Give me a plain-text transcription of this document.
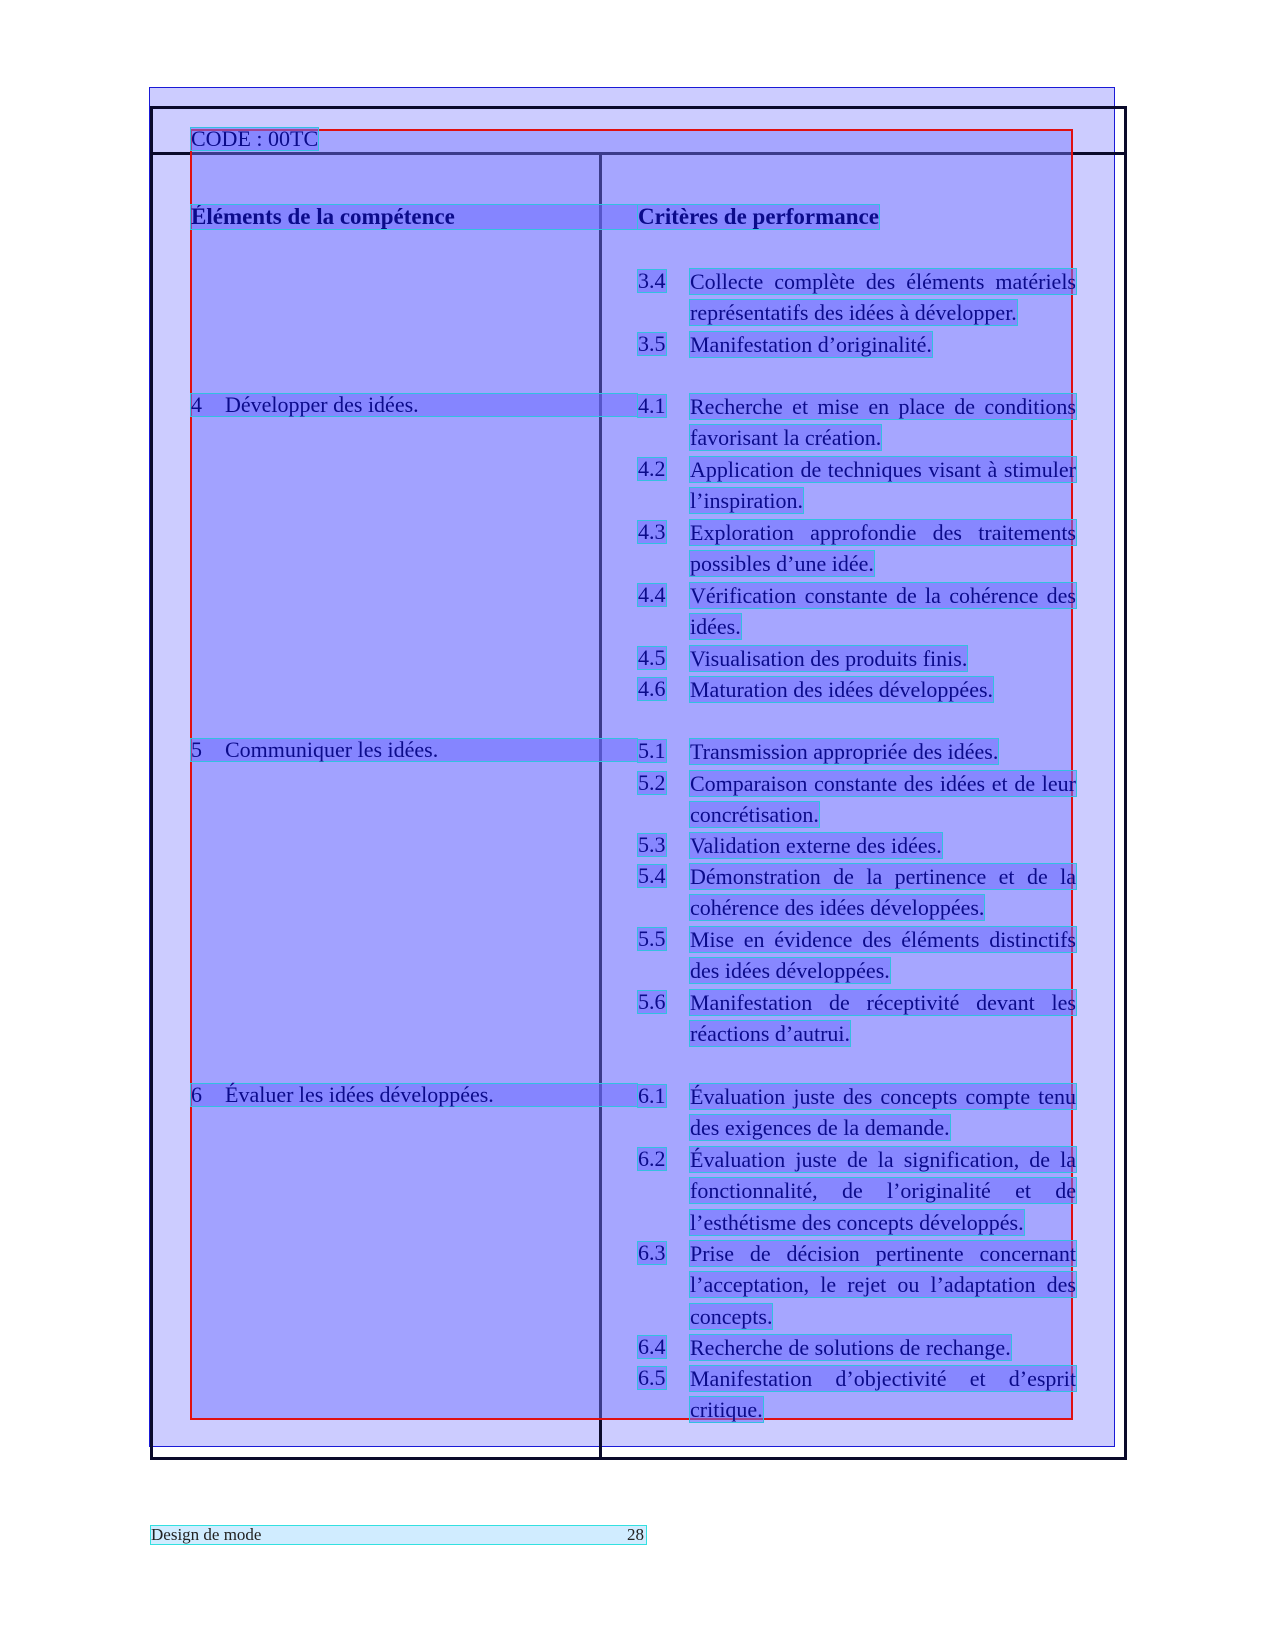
CODE : 00TC
Éléments de la compétence	Critères de performance
4 Développer des idées.
5 Communiquer les idées.
6 Évaluer les idées développées.
3.4 Collecte complète des éléments matériels représentatifs des idées à développer.
3.5 Manifestation d’originalité.
4.1 Recherche et mise en place de conditions favorisant la création.
4.2 Application de techniques visant à stimuler l’inspiration.
4.3 Exploration approfondie des traitements possibles d’une idée.
4.4 Vérification constante de la cohérence des idées.
4.5 Visualisation des produits finis.
4.6 Maturation des idées développées.
5.1 Transmission appropriée des idées.
5.2 Comparaison constante des idées et de leur concrétisation.
5.3 Validation externe des idées.
5.4 Démonstration de la pertinence et de la cohérence des idées développées.
5.5 Mise en évidence des éléments distinctifs des idées développées.
5.6 Manifestation de réceptivité devant les réactions d’autrui.
6.1 Évaluation juste des concepts compte tenu des exigences de la demande.
6.2 Évaluation juste de la signification, de la fonctionnalité, de l’originalité et de l’esthétisme des concepts développés.
6.3 Prise de décision pertinente concernant l’acceptation, le rejet ou l’adaptation des concepts.
6.4 Recherche de solutions de rechange.
6.5 Manifestation d’objectivité et d’esprit critique.
Design de mode	28
